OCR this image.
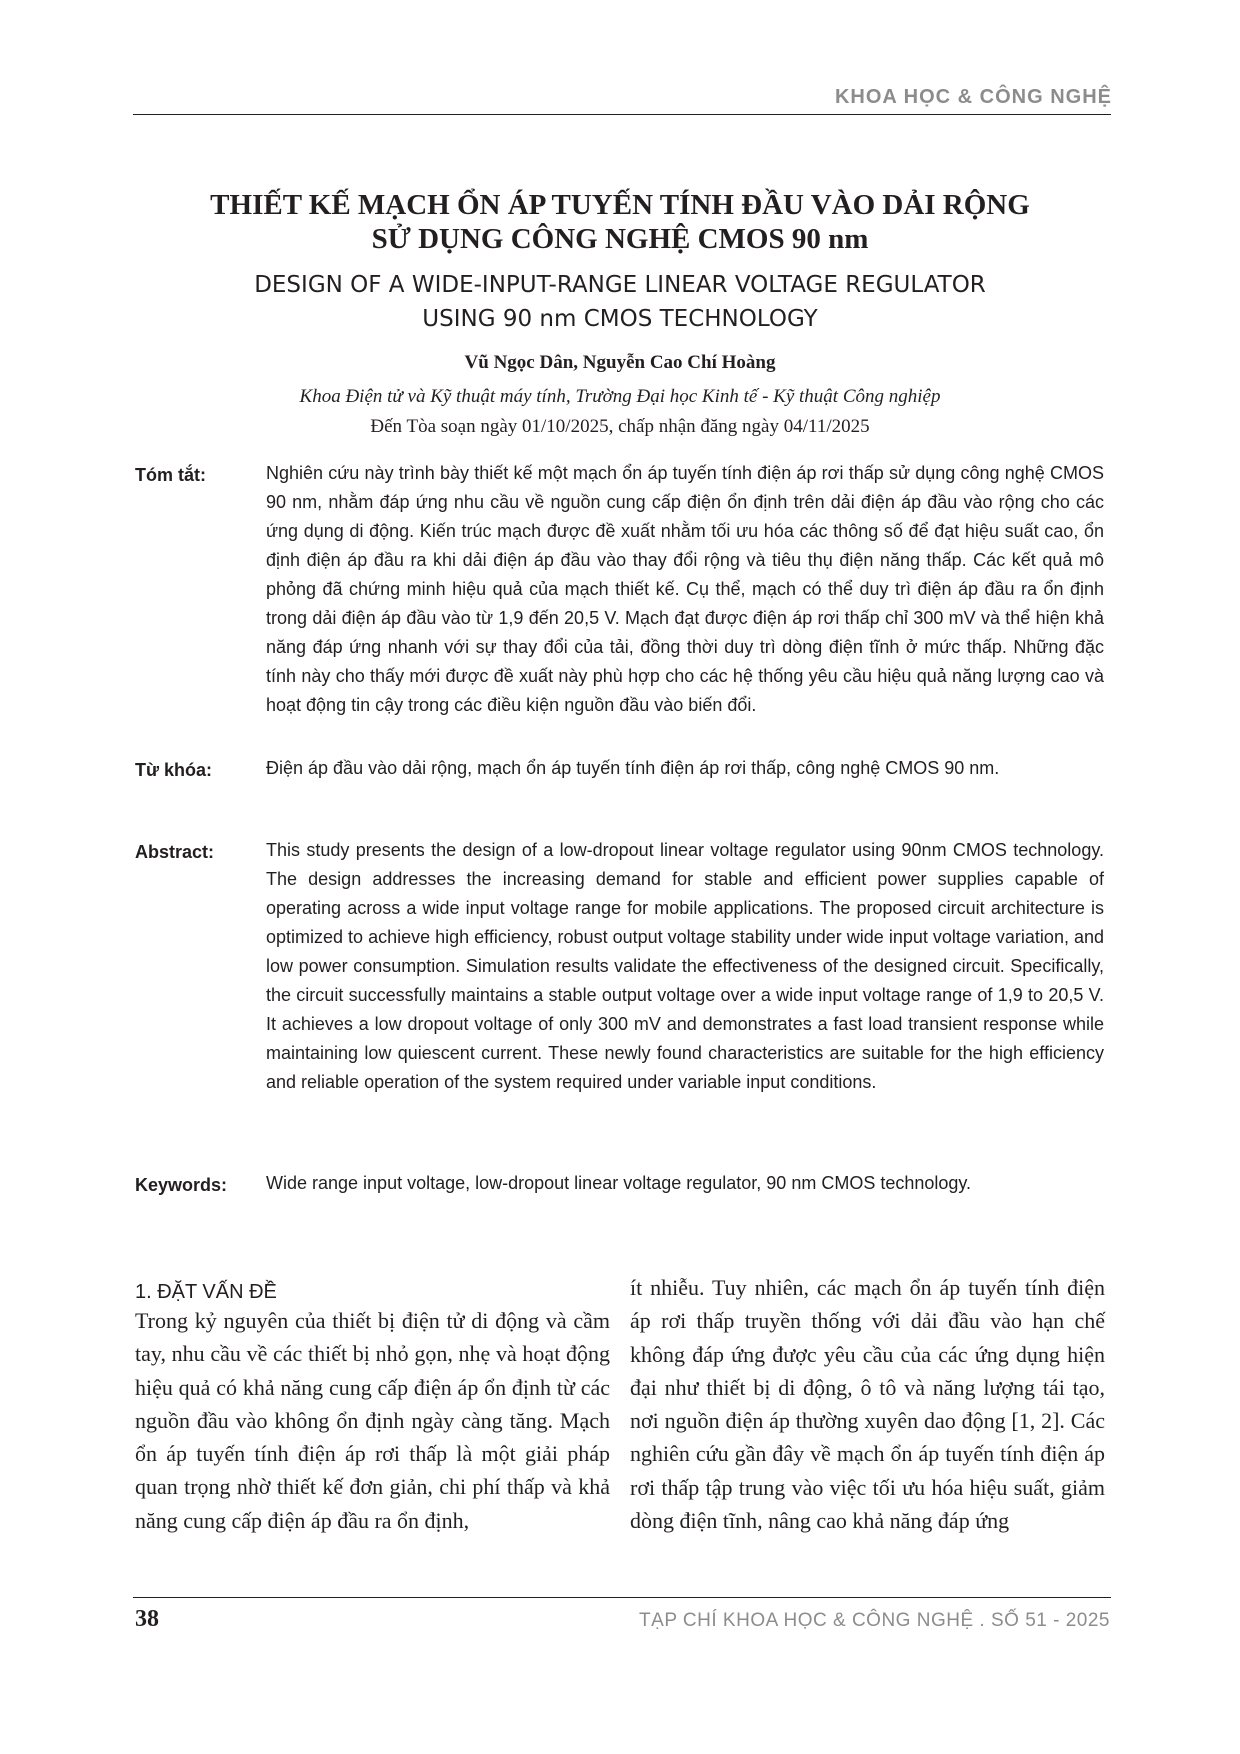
KHOA HỌC & CÔNG NGHỆ
THIẾT KẾ MẠCH ỔN ÁP TUYẾN TÍNH ĐẦU VÀO DẢI RỘNG
SỬ DỤNG CÔNG NGHỆ CMOS 90 nm
DESIGN OF A WIDE-INPUT-RANGE LINEAR VOLTAGE REGULATOR
USING 90 nm CMOS TECHNOLOGY
Vũ Ngọc Dân, Nguyễn Cao Chí Hoàng
Khoa Điện tử và Kỹ thuật máy tính, Trường Đại học Kinh tế - Kỹ thuật Công nghiệp
Đến Tòa soạn ngày 01/10/2025, chấp nhận đăng ngày 04/11/2025
Tóm tắt:	Nghiên cứu này trình bày thiết kế một mạch ổn áp tuyến tính điện áp rơi thấp sử dụng công nghệ CMOS 90 nm, nhằm đáp ứng nhu cầu về nguồn cung cấp điện ổn định trên dải điện áp đầu vào rộng cho các ứng dụng di động. Kiến trúc mạch được đề xuất nhằm tối ưu hóa các thông số để đạt hiệu suất cao, ổn định điện áp đầu ra khi dải điện áp đầu vào thay đổi rộng và tiêu thụ điện năng thấp. Các kết quả mô phỏng đã chứng minh hiệu quả của mạch thiết kế. Cụ thể, mạch có thể duy trì điện áp đầu ra ổn định trong dải điện áp đầu vào từ 1,9 đến 20,5 V. Mạch đạt được điện áp rơi thấp chỉ 300 mV và thể hiện khả năng đáp ứng nhanh với sự thay đổi của tải, đồng thời duy trì dòng điện tĩnh ở mức thấp. Những đặc tính này cho thấy mới được đề xuất này phù hợp cho các hệ thống yêu cầu hiệu quả năng lượng cao và hoạt động tin cậy trong các điều kiện nguồn đầu vào biến đổi.
Từ khóa:	Điện áp đầu vào dải rộng, mạch ổn áp tuyến tính điện áp rơi thấp, công nghệ CMOS 90 nm.
Abstract:	This study presents the design of a low-dropout linear voltage regulator using 90nm CMOS technology. The design addresses the increasing demand for stable and efficient power supplies capable of operating across a wide input voltage range for mobile applications. The proposed circuit architecture is optimized to achieve high efficiency, robust output voltage stability under wide input voltage variation, and low power consumption. Simulation results validate the effectiveness of the designed circuit. Specifically, the circuit successfully maintains a stable output voltage over a wide input voltage range of 1,9 to 20,5 V. It achieves a low dropout voltage of only 300 mV and demonstrates a fast load transient response while maintaining low quiescent current. These newly found characteristics are suitable for the high efficiency and reliable operation of the system required under variable input conditions.
Keywords: Wide range input voltage, low-dropout linear voltage regulator, 90 nm CMOS technology.
1. ĐẶT VẤN ĐỀ
Trong kỷ nguyên của thiết bị điện tử di động và cầm tay, nhu cầu về các thiết bị nhỏ gọn, nhẹ và hoạt động hiệu quả có khả năng cung cấp điện áp ổn định từ các nguồn đầu vào không ổn định ngày càng tăng. Mạch ổn áp tuyến tính điện áp rơi thấp là một giải pháp quan trọng nhờ thiết kế đơn giản, chi phí thấp và khả năng cung cấp điện áp đầu ra ổn định,
ít nhiễu. Tuy nhiên, các mạch ổn áp tuyến tính điện áp rơi thấp truyền thống với dải đầu vào hạn chế không đáp ứng được yêu cầu của các ứng dụng hiện đại như thiết bị di động, ô tô và năng lượng tái tạo, nơi nguồn điện áp thường xuyên dao động [1, 2]. Các nghiên cứu gần đây về mạch ổn áp tuyến tính điện áp rơi thấp tập trung vào việc tối ưu hóa hiệu suất, giảm dòng điện tĩnh, nâng cao khả năng đáp ứng
38	TẠP CHÍ KHOA HỌC & CÔNG NGHỆ . SỐ 51 - 2025
